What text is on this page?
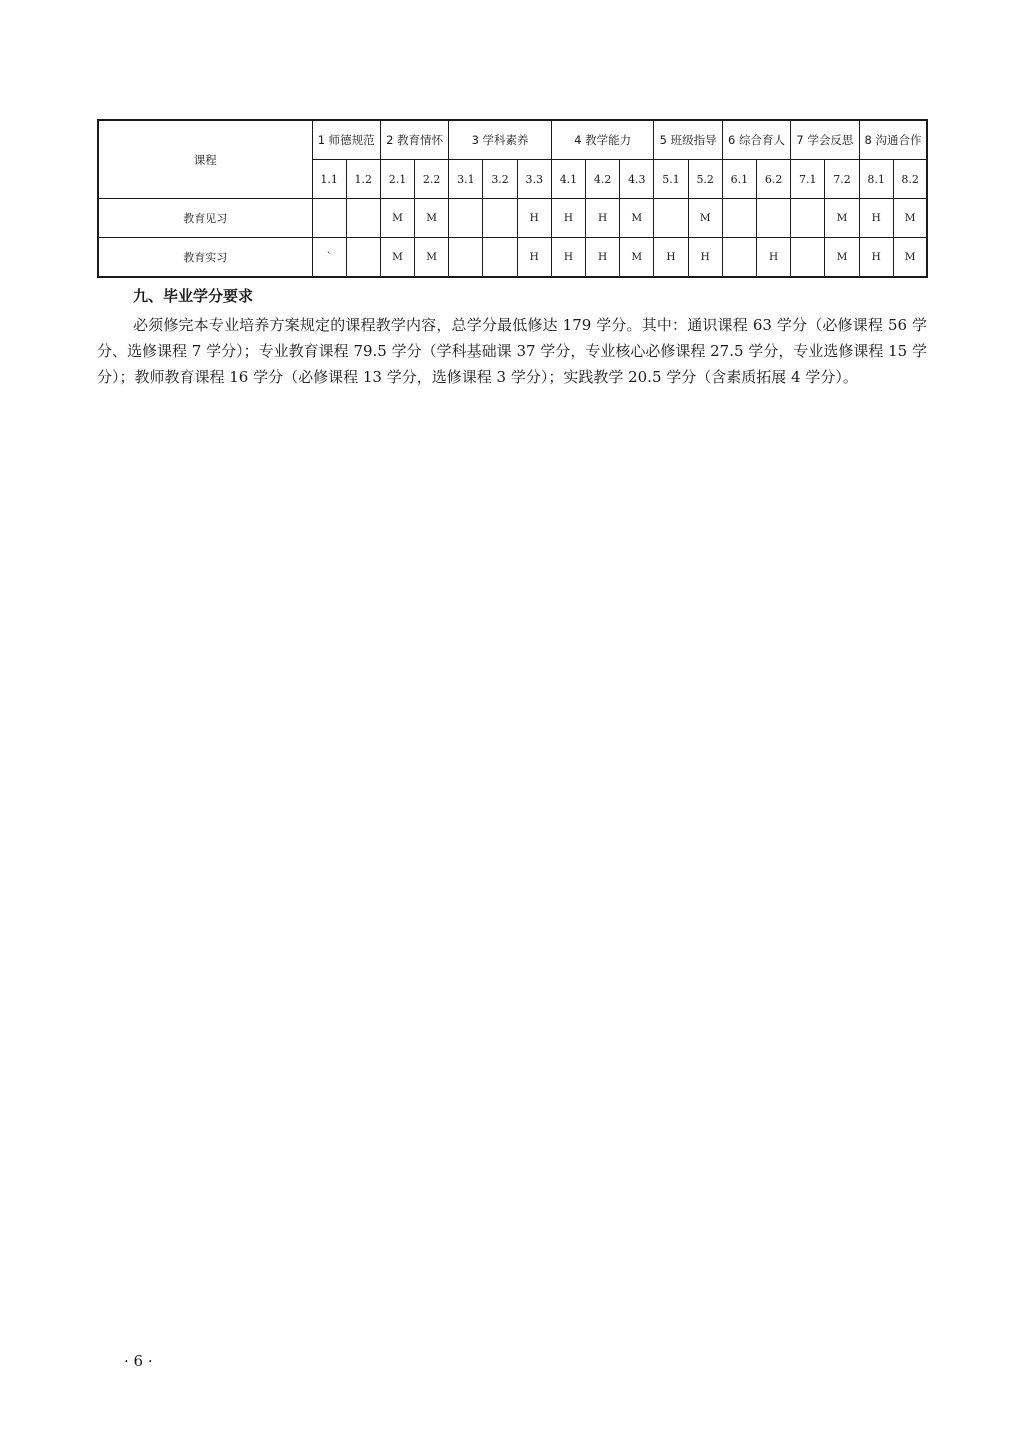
课程	1 师德规范		2 教育情怀		3 学科素养			4 教学能力			5 班级指导		6 综合育人		7 学会反思		8 沟通合作	
	1.1	1.2	2.1	2.2	3.1	3.2	3.3	4.1	4.2	4.3	5.1	5.2	6.1	6.2	7.1	7.2	8.1	8.2
教育见习			M	M			H	H	H	M		M				M	H	M
教育实习	`		M	M			H	H	H	M	H	H		H		M	H	M
九、毕业学分要求

必须修完本专业培养方案规定的课程教学内容，总学分最低修达 179 学分。其中：通识课程 63 学分（必修课程 56 学分、选修课程 7 学分）；专业教育课程 79.5 学分（学科基础课 37 学分，专业核心必修课程 27.5 学分，专业选修课程 15 学分）；教师教育课程 16 学分（必修课程 13 学分，选修课程 3 学分）；实践教学 20.5 学分（含素质拓展 4 学分）。

· 6 ·
